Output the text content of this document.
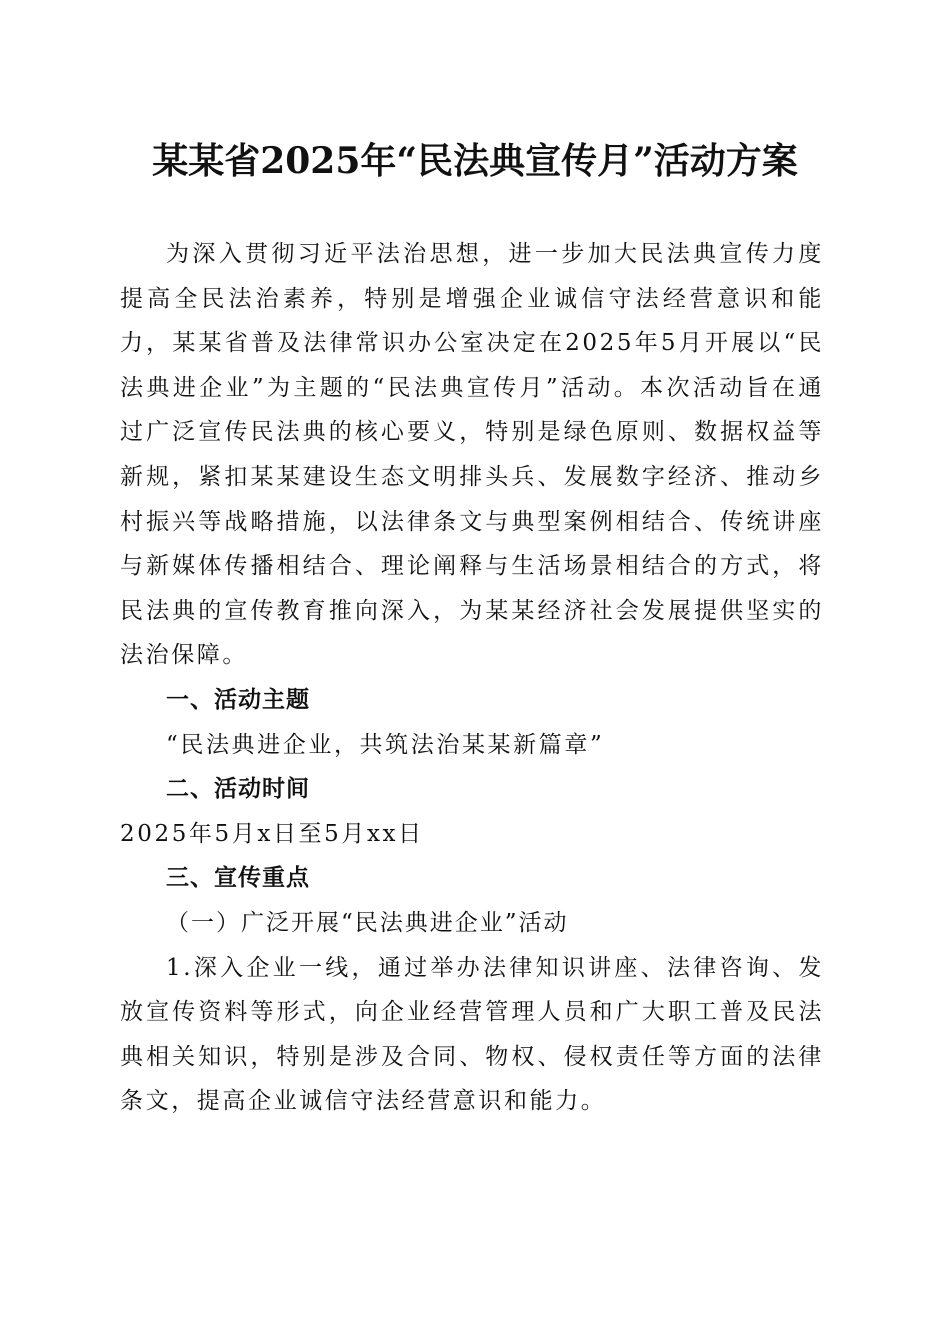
某某省2025年“民法典宣传月”活动方案

为深入贯彻习近平法治思想，进一步加大民法典宣传力度提高全民法治素养，特别是增强企业诚信守法经营意识和能力，某某省普及法律常识办公室决定在2025年5月开展以“民法典进企业”为主题的“民法典宣传月”活动。本次活动旨在通过广泛宣传民法典的核心要义，特别是绿色原则、数据权益等新规，紧扣某某建设生态文明排头兵、发展数字经济、推动乡村振兴等战略措施，以法律条文与典型案例相结合、传统讲座与新媒体传播相结合、理论阐释与生活场景相结合的方式，将民法典的宣传教育推向深入，为某某经济社会发展提供坚实的法治保障。

一、活动主题

“民法典进企业，共筑法治某某新篇章”

二、活动时间

2025年5月x日至5月xx日

三、宣传重点

（一）广泛开展“民法典进企业”活动

1.深入企业一线，通过举办法律知识讲座、法律咨询、发放宣传资料等形式，向企业经营管理人员和广大职工普及民法典相关知识，特别是涉及合同、物权、侵权责任等方面的法律条文，提高企业诚信守法经营意识和能力。
